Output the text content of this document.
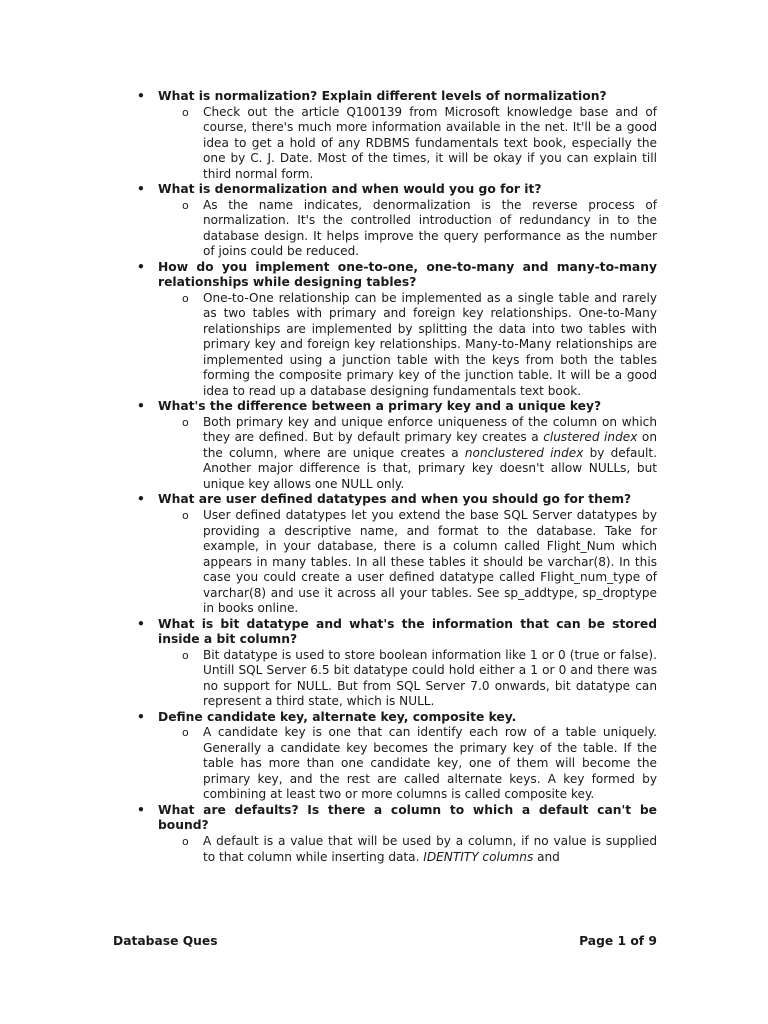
• What is normalization? Explain different levels of normalization?

o Check out the article Q100139 from Microsoft knowledge base and of course, there's much more information available in the net. It'll be a good idea to get a hold of any RDBMS fundamentals text book, especially the one by C. J. Date. Most of the times, it will be okay if you can explain till third normal form.

• What is denormalization and when would you go for it?

o As the name indicates, denormalization is the reverse process of normalization. It's the controlled introduction of redundancy in to the database design. It helps improve the query performance as the number of joins could be reduced.

• How do you implement one-to-one, one-to-many and many-to-many relationships while designing tables?

o One-to-One relationship can be implemented as a single table and rarely as two tables with primary and foreign key relationships. One-to-Many relationships are implemented by splitting the data into two tables with primary key and foreign key relationships. Many-to-Many relationships are implemented using a junction table with the keys from both the tables forming the composite primary key of the junction table. It will be a good idea to read up a database designing fundamentals text book.

• What's the difference between a primary key and a unique key?

o Both primary key and unique enforce uniqueness of the column on which they are defined. But by default primary key creates a clustered index on the column, where are unique creates a nonclustered index by default. Another major difference is that, primary key doesn't allow NULLs, but unique key allows one NULL only.

• What are user defined datatypes and when you should go for them?

o User defined datatypes let you extend the base SQL Server datatypes by providing a descriptive name, and format to the database. Take for example, in your database, there is a column called Flight_Num which appears in many tables. In all these tables it should be varchar(8). In this case you could create a user defined datatype called Flight_num_type of varchar(8) and use it across all your tables. See sp_addtype, sp_droptype in books online.

• What is bit datatype and what's the information that can be stored inside a bit column?

o Bit datatype is used to store boolean information like 1 or 0 (true or false). Untill SQL Server 6.5 bit datatype could hold either a 1 or 0 and there was no support for NULL. But from SQL Server 7.0 onwards, bit datatype can represent a third state, which is NULL.

• Define candidate key, alternate key, composite key.

o A candidate key is one that can identify each row of a table uniquely. Generally a candidate key becomes the primary key of the table. If the table has more than one candidate key, one of them will become the primary key, and the rest are called alternate keys. A key formed by combining at least two or more columns is called composite key.

• What are defaults? Is there a column to which a default can't be bound?

o A default is a value that will be used by a column, if no value is supplied to that column while inserting data. IDENTITY columns and

Database Ques	Page 1 of 9
